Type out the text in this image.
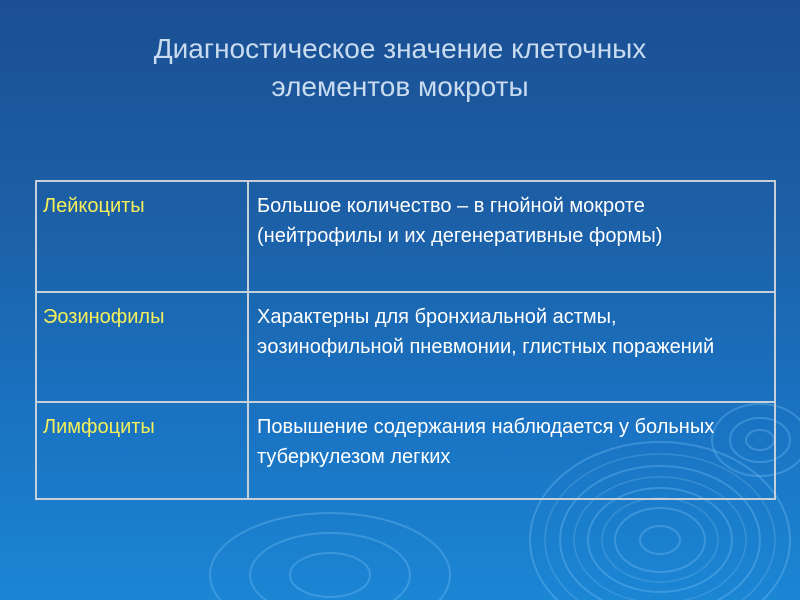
Диагностическое значение клеточных
элементов мокроты
Лейкоциты	Большое количество – в гнойной мокроте (нейтрофилы и их дегенеративные формы)
Эозинофилы	Характерны для бронхиальной астмы, эозинофильной пневмонии, глистных поражений
Лимфоциты	Повышение содержания наблюдается у больных туберкулезом легких
